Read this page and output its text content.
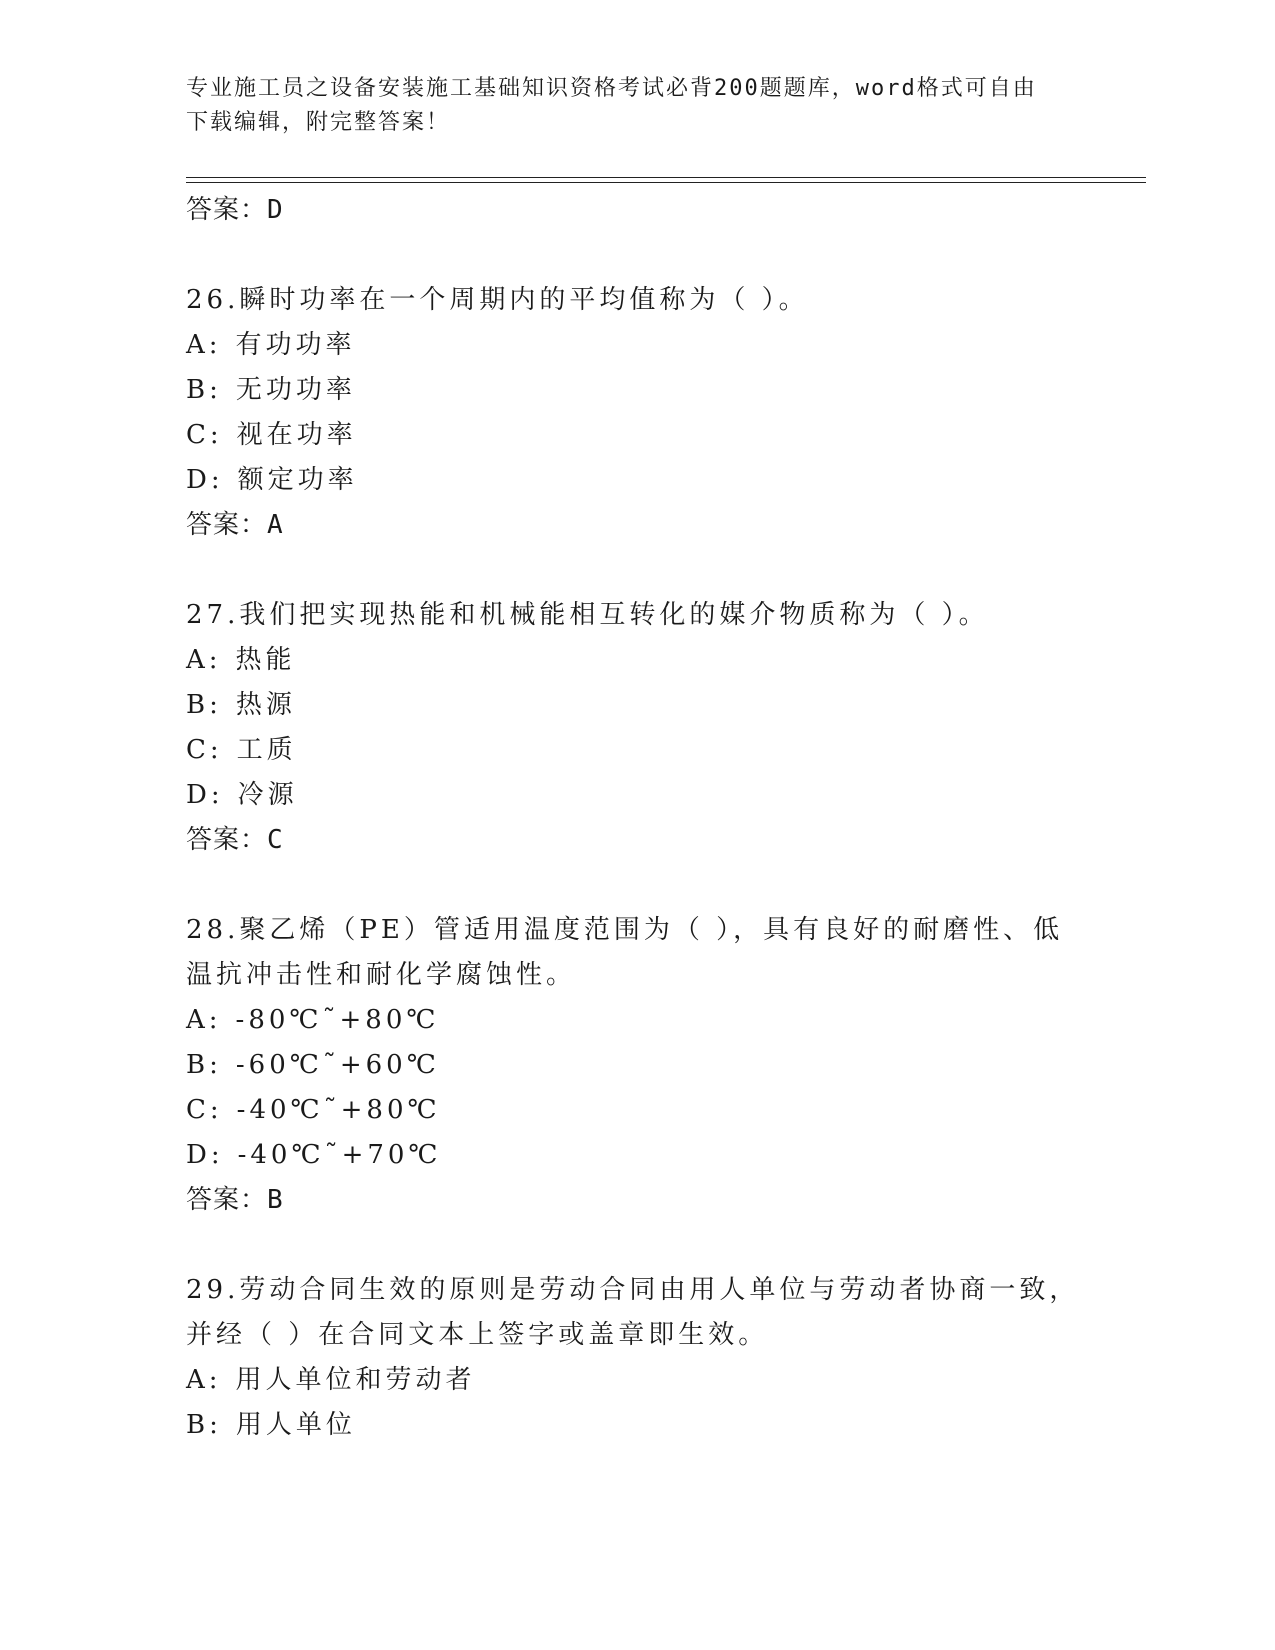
专业施工员之设备安装施工基础知识资格考试必背200题题库，word格式可自由
下载编辑，附完整答案！
答案：D
26.瞬时功率在一个周期内的平均值称为（ ）。
A: 有功功率
B: 无功功率
C: 视在功率
D: 额定功率
答案：A
27.我们把实现热能和机械能相互转化的媒介物质称为（ ）。
A: 热能
B: 热源
C: 工质
D: 冷源
答案：C
28.聚乙烯（PE）管适用温度范围为（ ），具有良好的耐磨性、低温抗冲击性和耐化学腐蚀性。
A: -80℃˜+80℃
B: -60℃˜+60℃
C: -40℃˜+80℃
D: -40℃˜+70℃
答案：B
29.劳动合同生效的原则是劳动合同由用人单位与劳动者协商一致，并经（ ）在合同文本上签字或盖章即生效。
A: 用人单位和劳动者
B: 用人单位
